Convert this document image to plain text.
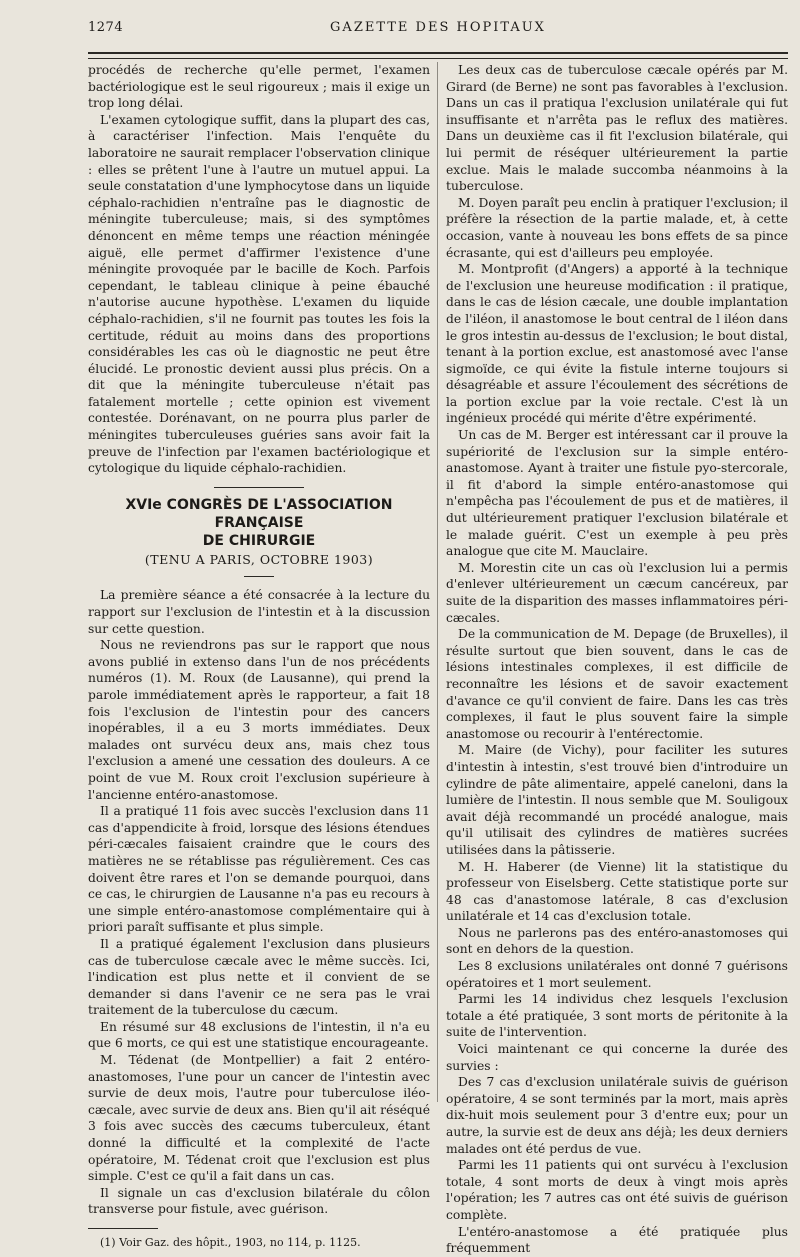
1274	GAZETTE DES HOPITAUX

procédés de recherche qu'elle permet, l'examen bactériologique est le seul rigoureux ; mais il exige un trop long délai.

L'examen cytologique suffit, dans la plupart des cas, à caractériser l'infection. Mais l'enquête du laboratoire ne saurait remplacer l'observation clinique : elles se prêtent l'une à l'autre un mutuel appui. La seule constatation d'une lymphocytose dans un liquide céphalo-rachidien n'entraîne pas le diagnostic de méningite tuberculeuse; mais, si des symptômes dénoncent en même temps une réaction méningée aiguë, elle permet d'affirmer l'existence d'une méningite provoquée par le bacille de Koch. Parfois cependant, le tableau clinique à peine ébauché n'autorise aucune hypothèse. L'examen du liquide céphalo-rachidien, s'il ne fournit pas toutes les fois la certitude, réduit au moins dans des proportions considérables les cas où le diagnostic ne peut être élucidé. Le pronostic devient aussi plus précis. On a dit que la méningite tuberculeuse n'était pas fatalement mortelle ; cette opinion est vivement contestée. Dorénavant, on ne pourra plus parler de méningites tuberculeuses guéries sans avoir fait la preuve de l'infection par l'examen bactériologique et cytologique du liquide céphalo-rachidien.

XVIe CONGRÈS DE L'ASSOCIATION FRANÇAISE

DE CHIRURGIE

(TENU A PARIS, OCTOBRE 1903)

La première séance a été consacrée à la lecture du rapport sur l'exclusion de l'intestin et à la discussion sur cette question.

Nous ne reviendrons pas sur le rapport que nous avons publié in extenso dans l'un de nos précédents numéros (1). M. Roux (de Lausanne), qui prend la parole immédiatement après le rapporteur, a fait 18 fois l'exclusion de l'intestin pour des cancers inopérables, il a eu 3 morts immédiates. Deux malades ont survécu deux ans, mais chez tous l'exclusion a amené une cessation des douleurs. A ce point de vue M. Roux croit l'exclusion supérieure à l'ancienne entéro-anastomose.

Il a pratiqué 11 fois avec succès l'exclusion dans 11 cas d'appendicite à froid, lorsque des lésions étendues péri-cæcales faisaient craindre que le cours des matières ne se rétablisse pas régulièrement. Ces cas doivent être rares et l'on se demande pourquoi, dans ce cas, le chirurgien de Lausanne n'a pas eu recours à une simple entéro-anastomose complémentaire qui à priori paraît suffisante et plus simple.

Il a pratiqué également l'exclusion dans plusieurs cas de tuberculose cæcale avec le même succès. Ici, l'indication est plus nette et il convient de se demander si dans l'avenir ce ne sera pas le vrai traitement de la tuberculose du cæcum.

En résumé sur 48 exclusions de l'intestin, il n'a eu que 6 morts, ce qui est une statistique encourageante.

M. Tédenat (de Montpellier) a fait 2 entéro-anastomoses, l'une pour un cancer de l'intestin avec survie de deux mois, l'autre pour tuberculose iléo-cæcale, avec survie de deux ans. Bien qu'il ait réséqué 3 fois avec succès des cæcums tuberculeux, étant donné la difficulté et la complexité de l'acte opératoire, M. Tédenat croit que l'exclusion est plus simple. C'est ce qu'il a fait dans un cas.

Il signale un cas d'exclusion bilatérale du côlon transverse pour fistule, avec guérison.

(1) Voir Gaz. des hôpit., 1903, no 114, p. 1125.

Les deux cas de tuberculose cæcale opérés par M. Girard (de Berne) ne sont pas favorables à l'exclusion. Dans un cas il pratiqua l'exclusion unilatérale qui fut insuffisante et n'arrêta pas le reflux des matières. Dans un deuxième cas il fit l'exclusion bilatérale, qui lui permit de réséquer ultérieurement la partie exclue. Mais le malade succomba néanmoins à la tuberculose.

M. Doyen paraît peu enclin à pratiquer l'exclusion; il préfère la résection de la partie malade, et, à cette occasion, vante à nouveau les bons effets de sa pince écrasante, qui est d'ailleurs peu employée.

M. Montprofit (d'Angers) a apporté à la technique de l'exclusion une heureuse modification : il pratique, dans le cas de lésion cæcale, une double implantation de l'iléon, il anastomose le bout central de l iléon dans le gros intestin au-dessus de l'exclusion; le bout distal, tenant à la portion exclue, est anastomosé avec l'anse sigmoïde, ce qui évite la fistule interne toujours si désagréable et assure l'écoulement des sécrétions de la portion exclue par la voie rectale. C'est là un ingénieux procédé qui mérite d'être expérimenté.

Un cas de M. Berger est intéressant car il prouve la supériorité de l'exclusion sur la simple entéro-anastomose. Ayant à traiter une fistule pyo-stercorale, il fit d'abord la simple entéro-anastomose qui n'empêcha pas l'écoulement de pus et de matières, il dut ultérieurement pratiquer l'exclusion bilatérale et le malade guérit. C'est un exemple à peu près analogue que cite M. Mauclaire.

M. Morestin cite un cas où l'exclusion lui a permis d'enlever ultérieurement un cæcum cancéreux, par suite de la disparition des masses inflammatoires péri-cæcales.

De la communication de M. Depage (de Bruxelles), il résulte surtout que bien souvent, dans le cas de lésions intestinales complexes, il est difficile de reconnaître les lésions et de savoir exactement d'avance ce qu'il convient de faire. Dans les cas très complexes, il faut le plus souvent faire la simple anastomose ou recourir à l'entérectomie.

M. Maire (de Vichy), pour faciliter les sutures d'intestin à intestin, s'est trouvé bien d'introduire un cylindre de pâte alimentaire, appelé caneloni, dans la lumière de l'intestin. Il nous semble que M. Souligoux avait déjà recommandé un procédé analogue, mais qu'il utilisait des cylindres de matières sucrées utilisées dans la pâtisserie.

M. H. Haberer (de Vienne) lit la statistique du professeur von Eiselsberg. Cette statistique porte sur 48 cas d'anastomose latérale, 8 cas d'exclusion unilatérale et 14 cas d'exclusion totale.

Nous ne parlerons pas des entéro-anastomoses qui sont en dehors de la question.

Les 8 exclusions unilatérales ont donné 7 guérisons opératoires et 1 mort seulement.

Parmi les 14 individus chez lesquels l'exclusion totale a été pratiquée, 3 sont morts de péritonite à la suite de l'intervention.

Voici maintenant ce qui concerne la durée des survies :

Des 7 cas d'exclusion unilatérale suivis de guérison opératoire, 4 se sont terminés par la mort, mais après dix-huit mois seulement pour 3 d'entre eux; pour un autre, la survie est de deux ans déjà; les deux derniers malades ont été perdus de vue.

Parmi les 11 patients qui ont survécu à l'exclusion totale, 4 sont morts de deux à vingt mois après l'opération; les 7 autres cas ont été suivis de guérison complète.

L'entéro-anastomose a été pratiquée plus fréquemment
